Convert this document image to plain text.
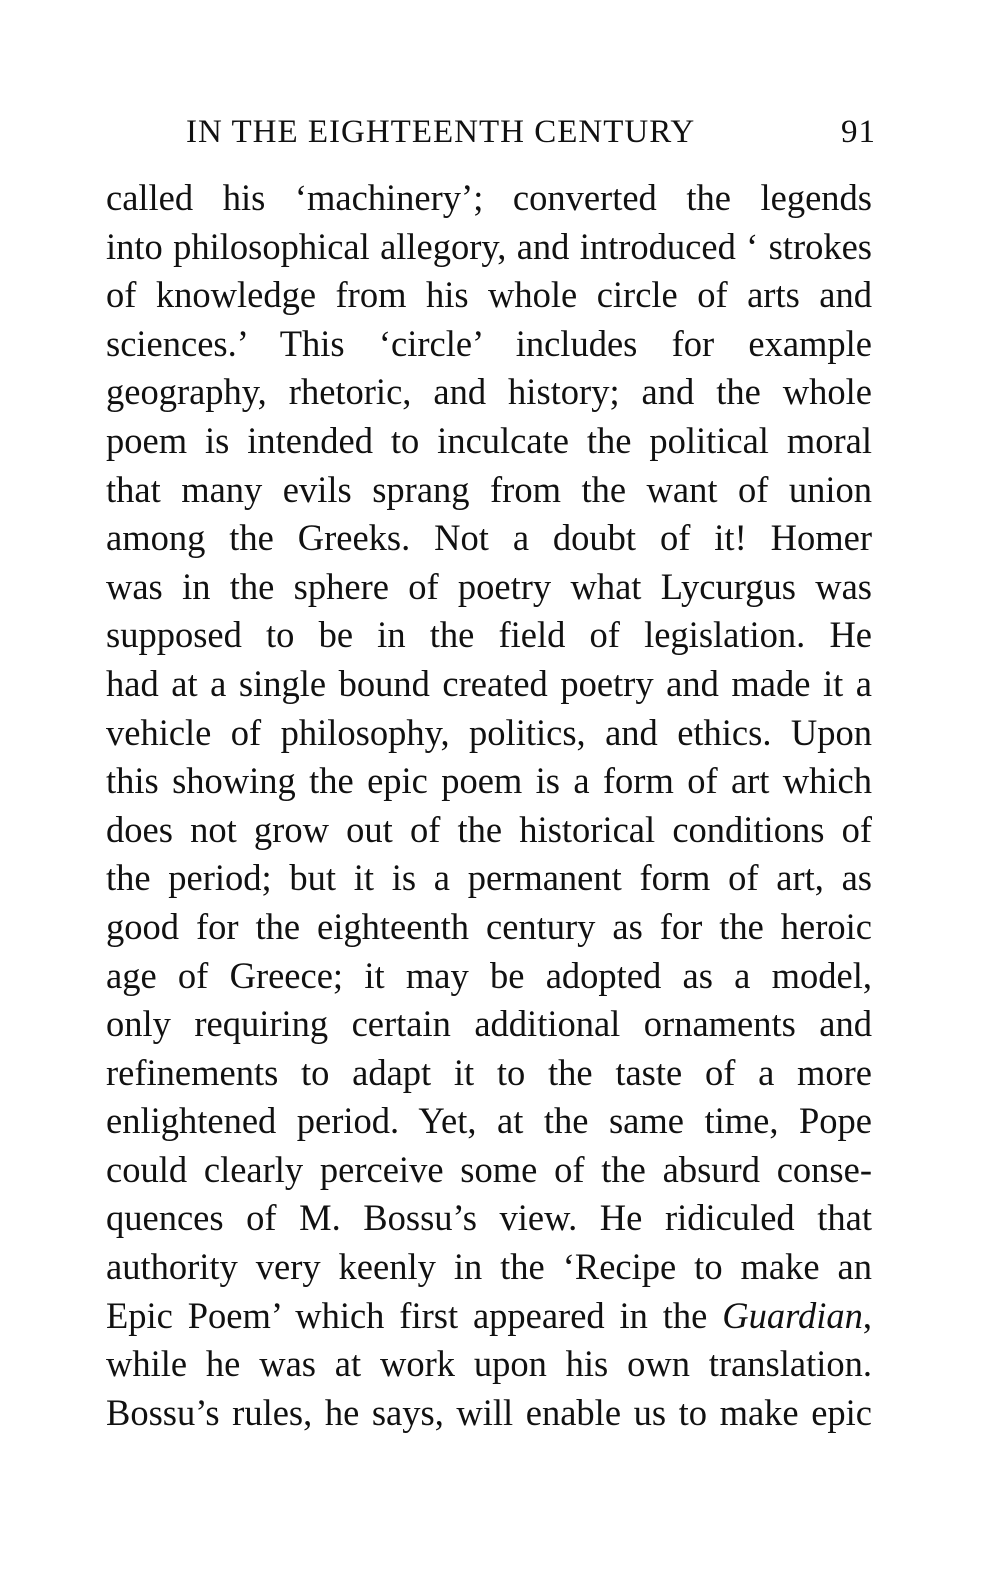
IN THE EIGHTEENTH CENTURY	91
called his ‘machinery’; converted the legends
into philosophical allegory, and introduced ‘ strokes
of knowledge from his whole circle of arts and
sciences.’ This ‘circle’ includes for example
geography, rhetoric, and history; and the whole
poem is intended to inculcate the political moral
that many evils sprang from the want of union
among the Greeks. Not a doubt of it! Homer
was in the sphere of poetry what Lycurgus was
supposed to be in the field of legislation. He
had at a single bound created poetry and made it a
vehicle of philosophy, politics, and ethics. Upon
this showing the epic poem is a form of art which
does not grow out of the historical conditions of
the period; but it is a permanent form of art, as
good for the eighteenth century as for the heroic
age of Greece; it may be adopted as a model,
only requiring certain additional ornaments and
refinements to adapt it to the taste of a more
enlightened period. Yet, at the same time, Pope
could clearly perceive some of the absurd conse-
quences of M. Bossu’s view. He ridiculed that
authority very keenly in the ‘Recipe to make an
Epic Poem’ which first appeared in the Guardian,
while he was at work upon his own translation.
Bossu’s rules, he says, will enable us to make epic
